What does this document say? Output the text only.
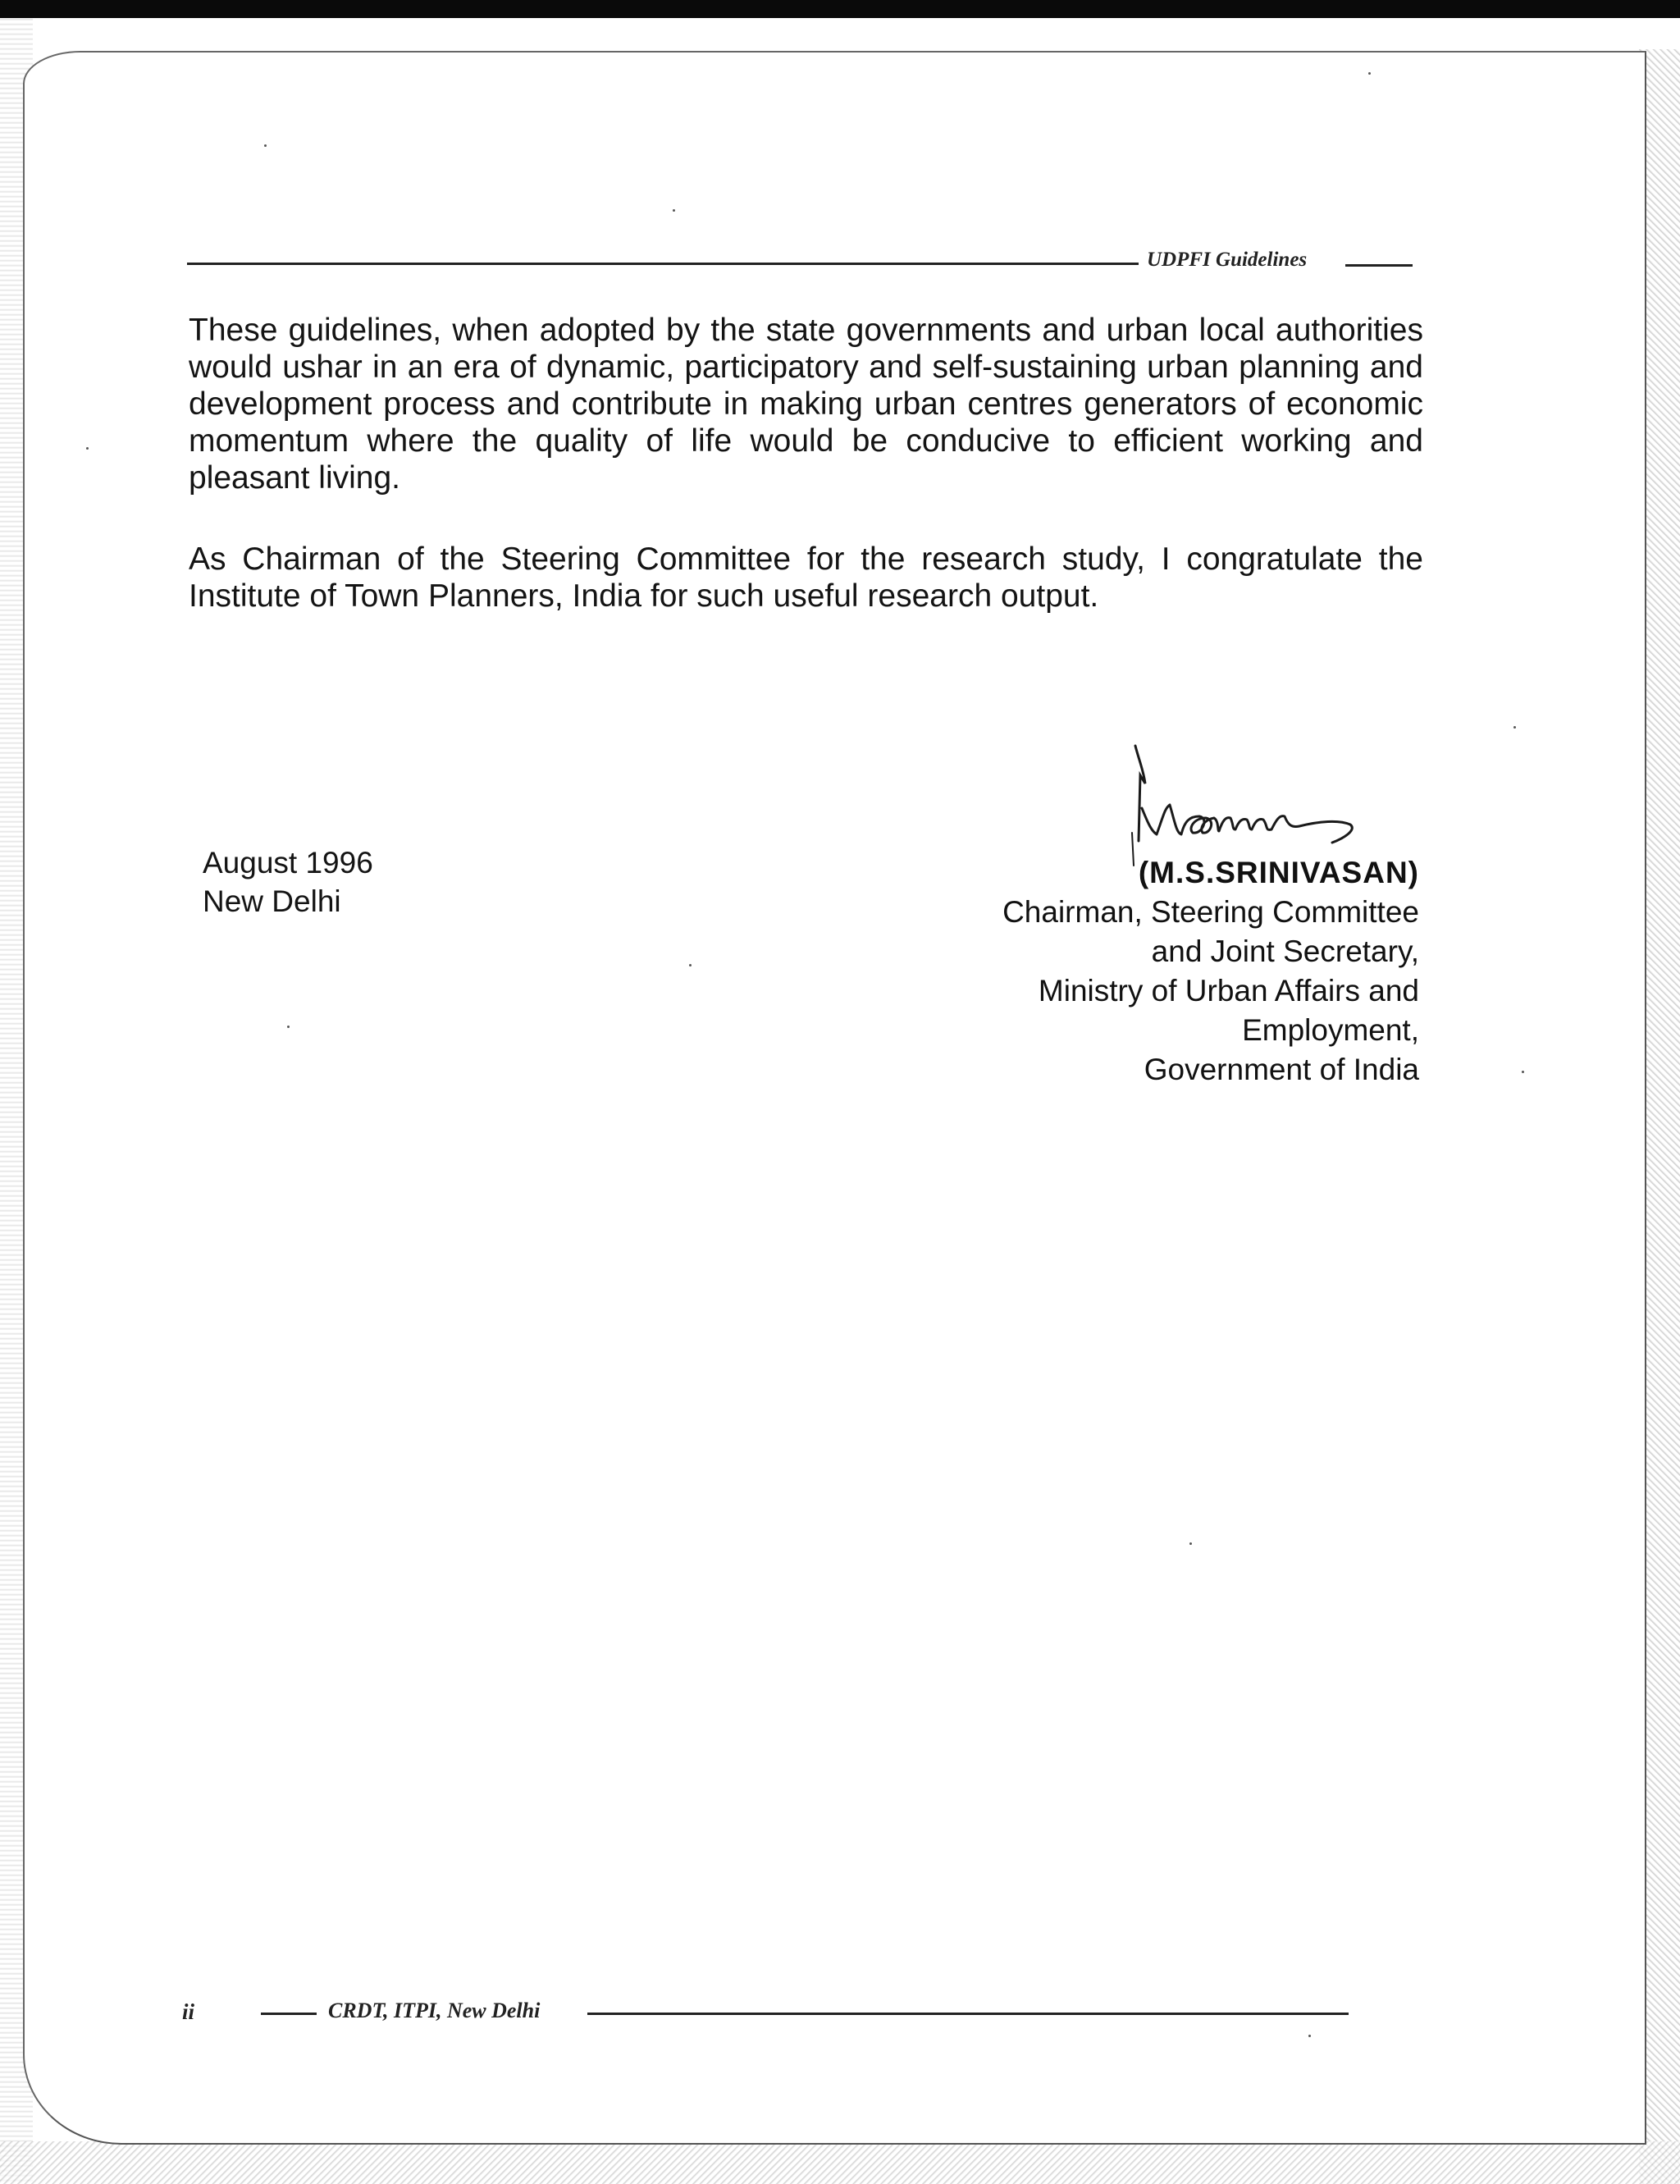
UDPFI Guidelines

These guidelines, when adopted by the state governments and urban local authorities would ushar in an era of dynamic, participatory and self-sustaining urban planning and development process and contribute in making urban centres generators of economic momentum where the quality of life would be conducive to efficient working and pleasant living.

As Chairman of the Steering Committee for the research study, I congratulate the Institute of Town Planners, India for such useful research output.

August 1996
New Delhi
(M.S.SRINIVASAN)
Chairman, Steering Committee
and Joint Secretary,
Ministry of Urban Affairs and
Employment,
Government of India
ii	CRDT, ITPI, New Delhi
